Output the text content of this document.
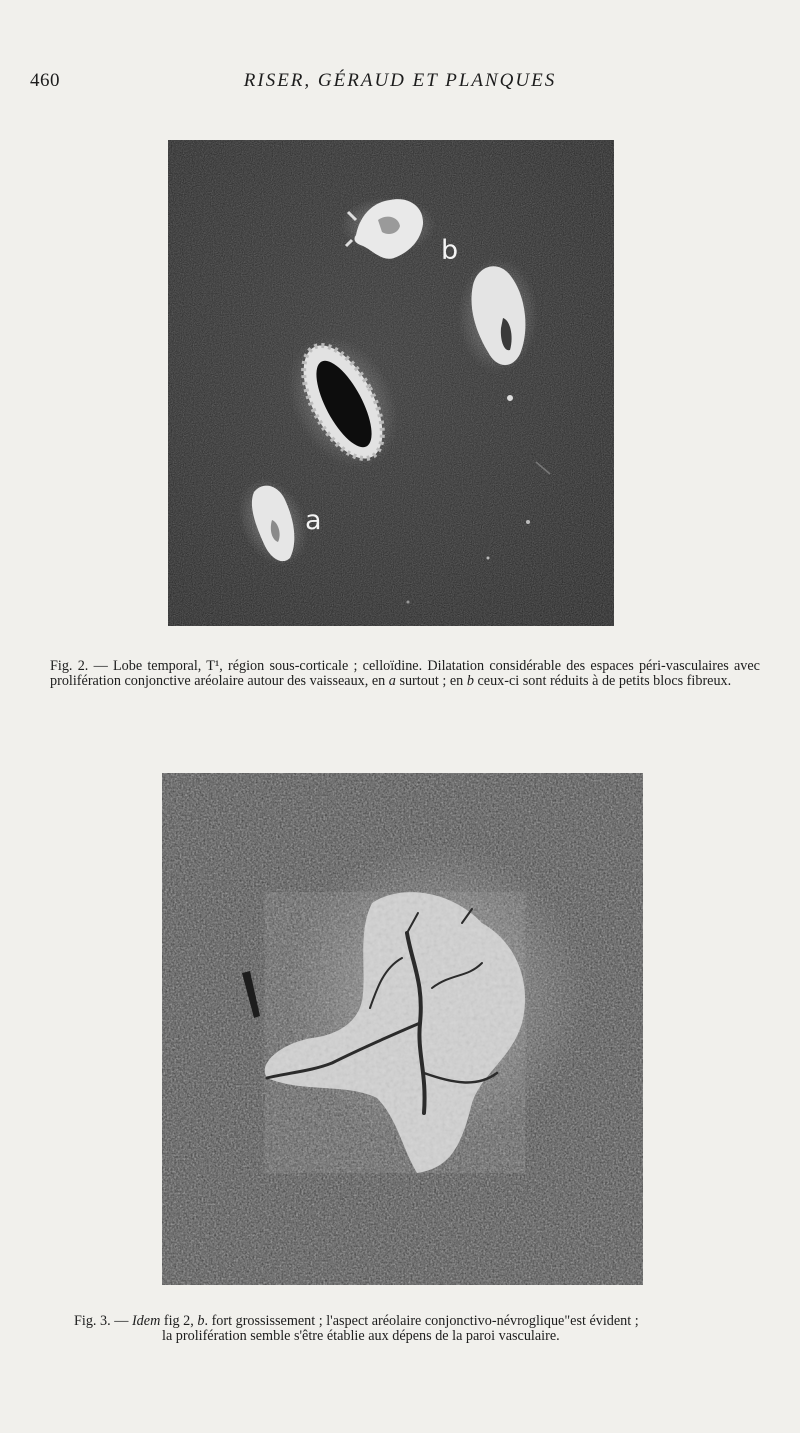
460	RISER, GÉRAUD ET PLANQUES
b
a
Fig. 2. — Lobe temporal, T¹, région sous-corticale ; celloïdine. Dilatation considérable des espaces péri-vasculaires avec prolifération conjonctive aréolaire autour des vaisseaux, en a surtout ; en b ceux-ci sont réduits à de petits blocs fibreux.
Fig. 3. — Idem fig 2, b. fort grossissement ; l'aspect aréolaire conjonctivo-névroglique"est évident ;
la prolifération semble s'être établie aux dépens de la paroi vasculaire.
